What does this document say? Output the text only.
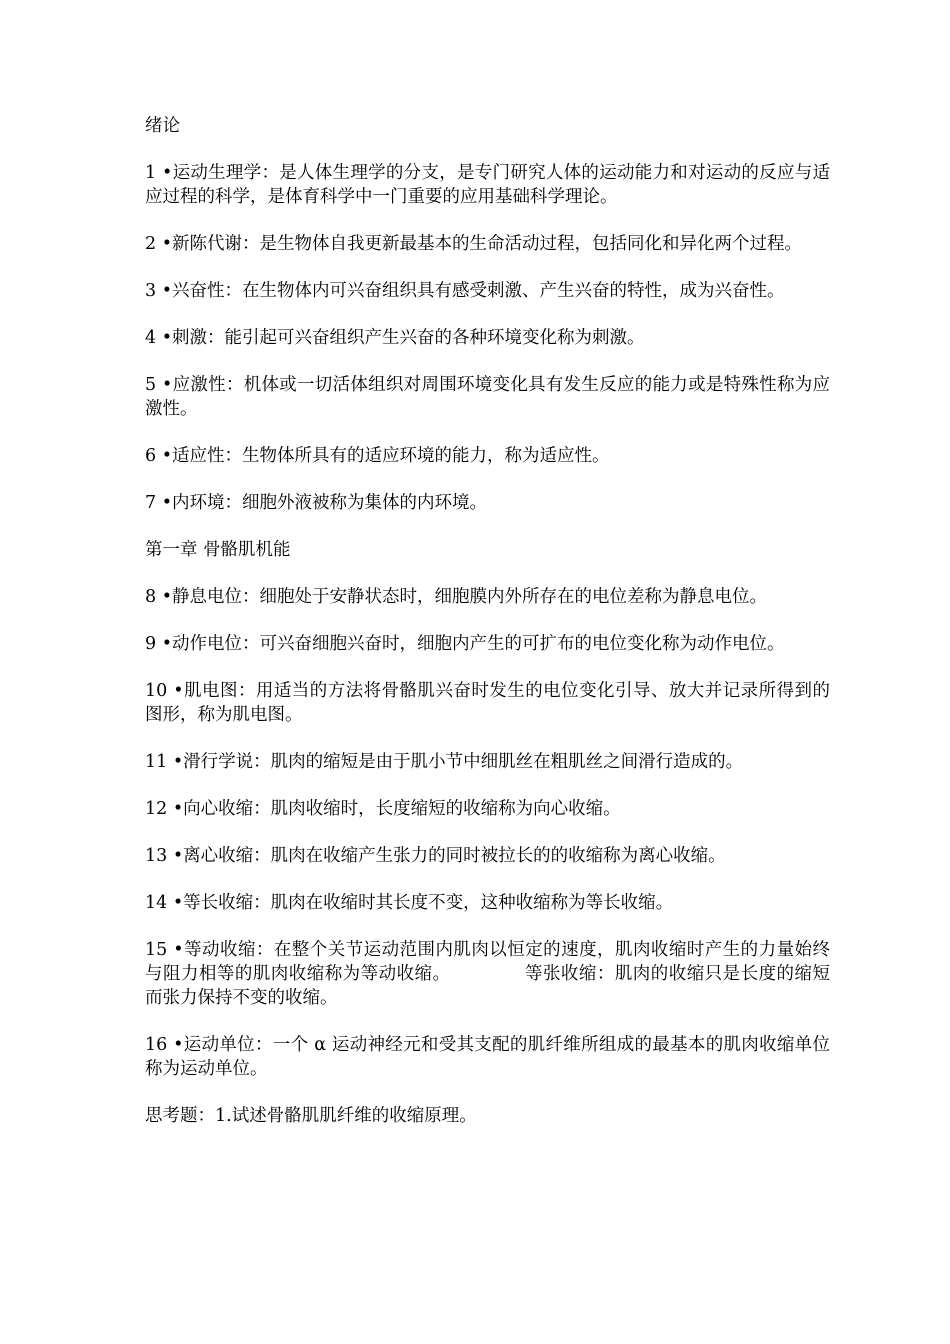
绪论

1 • 运动生理学：是人体生理学的分支，是专门研究人体的运动能力和对运动的反应与适应过程的科学，是体育科学中一门重要的应用基础科学理论。

2 • 新陈代谢：是生物体自我更新最基本的生命活动过程，包括同化和异化两个过程。

3 • 兴奋性：在生物体内可兴奋组织具有感受刺激、产生兴奋的特性，成为兴奋性。

4 • 刺激：能引起可兴奋组织产生兴奋的各种环境变化称为刺激。

5 • 应激性：机体或一切活体组织对周围环境变化具有发生反应的能力或是特殊性称为应激性。

6 • 适应性：生物体所具有的适应环境的能力，称为适应性。

7 • 内环境：细胞外液被称为集体的内环境。

第一章 骨骼肌机能

8 • 静息电位：细胞处于安静状态时，细胞膜内外所存在的电位差称为静息电位。

9 • 动作电位：可兴奋细胞兴奋时，细胞内产生的可扩布的电位变化称为动作电位。

10 • 肌电图：用适当的方法将骨骼肌兴奋时发生的电位变化引导、放大并记录所得到的图形，称为肌电图。

11 • 滑行学说：肌肉的缩短是由于肌小节中细肌丝在粗肌丝之间滑行造成的。

12 • 向心收缩：肌肉收缩时，长度缩短的收缩称为向心收缩。

13 • 离心收缩：肌肉在收缩产生张力的同时被拉长的的收缩称为离心收缩。

14 • 等长收缩：肌肉在收缩时其长度不变，这种收缩称为等长收缩。

15 • 等动收缩：在整个关节运动范围内肌肉以恒定的速度，肌肉收缩时产生的力量始终与阻力相等的肌肉收缩称为等动收缩。	等张收缩：肌肉的收缩只是长度的缩短而张力保持不变的收缩。

16 • 运动单位：一个 α 运动神经元和受其支配的肌纤维所组成的最基本的肌肉收缩单位称为运动单位。

思考题：1.试述骨骼肌肌纤维的收缩原理。
